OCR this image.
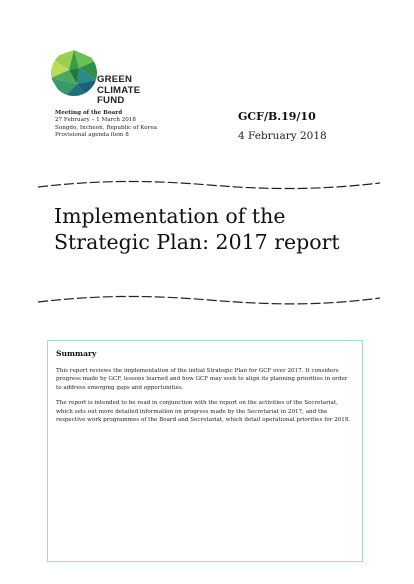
GREEN
CLIMATE
FUND
Meeting of the Board
27 February – 1 March 2018
Songdo, Incheon, Republic of Korea
Provisional agenda item 8
GCF/B.19/10
4 February 2018
Implementation of the
Strategic Plan: 2017 report
Summary

This report reviews the implementation of the initial Strategic Plan for GCF over 2017. It considers progress made by GCF, lessons learned and how GCF may seek to align its planning priorities in order to address emerging gaps and opportunities.

The report is intended to be read in conjunction with the report on the activities of the Secretariat, which sets out more detailed information on progress made by the Secretariat in 2017, and the respective work programmes of the Board and Secretariat, which detail operational priorities for 2018.
